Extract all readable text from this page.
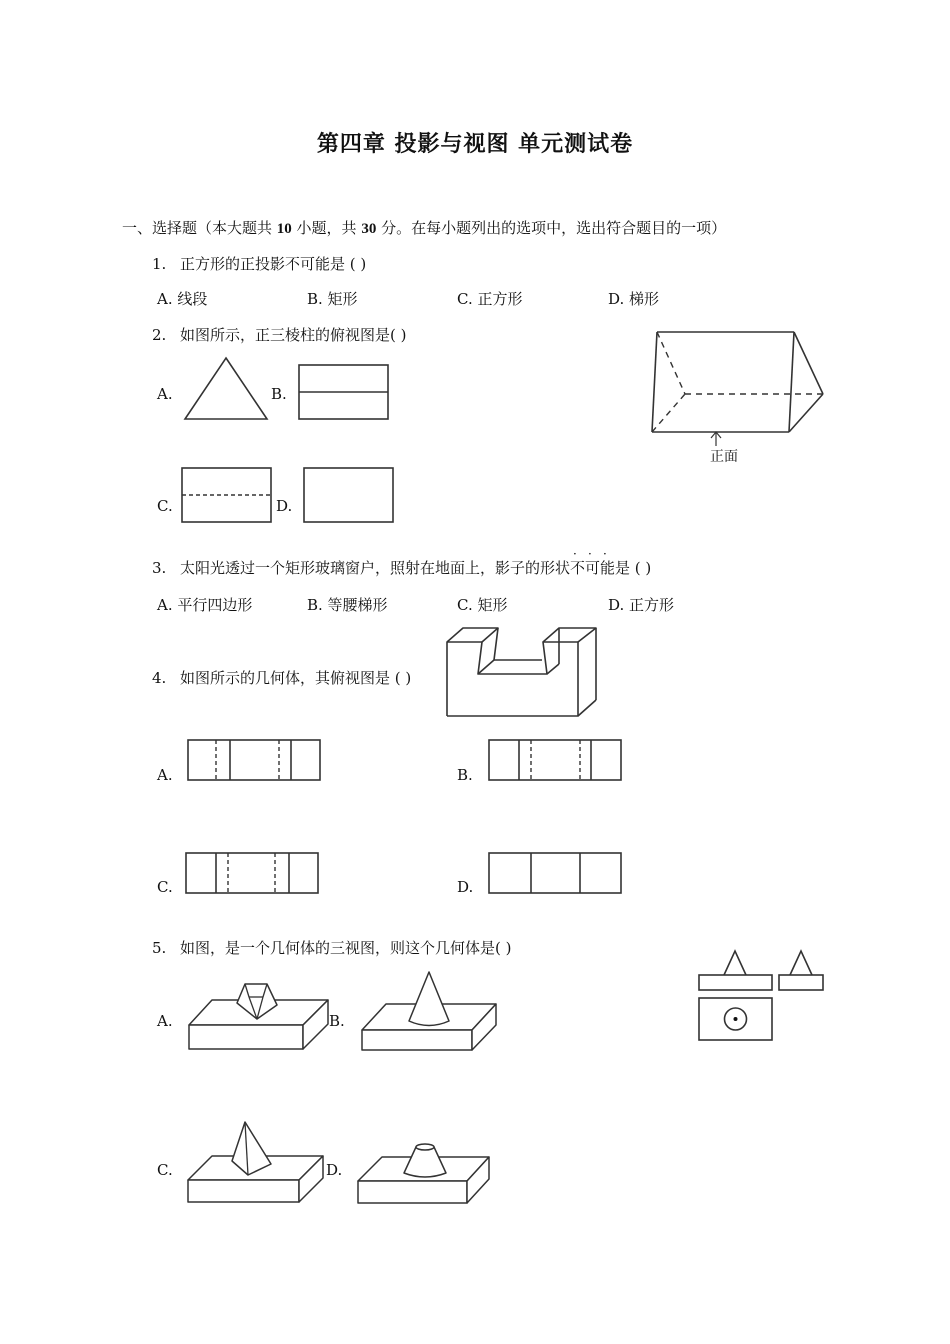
第四章 投影与视图 单元测试卷
一、选择题（本大题共 10 小题，共 30 分。在每小题列出的选项中，选出符合题目的一项）
1. 正方形的正投影不可能是 ( )
A. 线段	B. 矩形	C. 正方形	D. 梯形
2. 如图所示，正三棱柱的俯视图是( )
正面
A.	B.
C.	D.
3. 太阳光透过一个矩形玻璃窗户，照射在地面上，影子的形状
· · ·
不可能是 ( )
A. 平行四边形	B. 等腰梯形	C. 矩形	D. 正方形
4. 如图所示的几何体，其俯视图是 ( )
A.	B.
C.	D.
5. 如图，是一个几何体的三视图，则这个几何体是( )
A.	B.
C.	D.
